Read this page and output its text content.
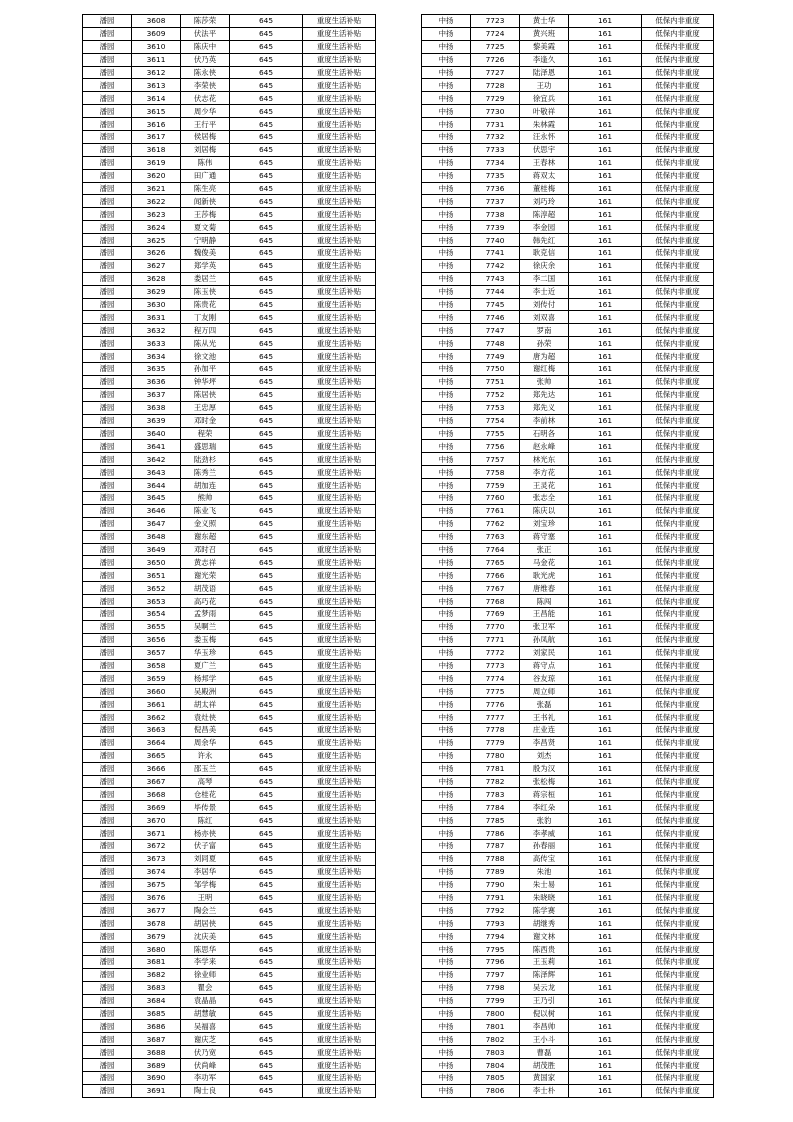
潘园	3608	陈莎荣	645	重度生活补贴
潘园	3609	伏法平	645	重度生活补贴
潘园	3610	陈庆中	645	重度生活补贴
潘园	3611	伏乃英	645	重度生活补贴
潘园	3612	陈永侠	645	重度生活补贴
潘园	3613	李荣侠	645	重度生活补贴
潘园	3614	伏志花	645	重度生活补贴
潘园	3615	周少华	645	重度生活补贴
潘园	3616	王行平	645	重度生活补贴
潘园	3617	侯居梅	645	重度生活补贴
潘园	3618	刘居梅	645	重度生活补贴
潘园	3619	陈伟	645	重度生活补贴
潘园	3620	田广通	645	重度生活补贴
潘园	3621	陈生亮	645	重度生活补贴
潘园	3622	闻新侠	645	重度生活补贴
潘园	3623	王莎梅	645	重度生活补贴
潘园	3624	夏文菊	645	重度生活补贴
潘园	3625	宁明静	645	重度生活补贴
潘园	3626	魏俊美	645	重度生活补贴
潘园	3627	郑学英	645	重度生活补贴
潘园	3628	娄居兰	645	重度生活补贴
潘园	3629	陈玉侠	645	重度生活补贴
潘园	3630	陈贵花	645	重度生活补贴
潘园	3631	丁友刚	645	重度生活补贴
潘园	3632	程万四	645	重度生活补贴
潘园	3633	陈从光	645	重度生活补贴
潘园	3634	徐文池	645	重度生活补贴
潘园	3635	孙加平	645	重度生活补贴
潘园	3636	钟华坪	645	重度生活补贴
潘园	3637	陈居侠	645	重度生活补贴
潘园	3638	王忠厚	645	重度生活补贴
潘园	3639	邓时金	645	重度生活补贴
潘园	3640	程荣	645	重度生活补贴
潘园	3641	盛思瑞	645	重度生活补贴
潘园	3642	陆劲杉	645	重度生活补贴
潘园	3643	陈秀兰	645	重度生活补贴
潘园	3644	胡加连	645	重度生活补贴
潘园	3645	熊帅	645	重度生活补贴
潘园	3646	陈业飞	645	重度生活补贴
潘园	3647	金义照	645	重度生活补贴
潘园	3648	谢东超	645	重度生活补贴
潘园	3649	邓时召	645	重度生活补贴
潘园	3650	黄志祥	645	重度生活补贴
潘园	3651	谢光荣	645	重度生活补贴
潘园	3652	胡茂语	645	重度生活补贴
潘园	3653	高巧花	645	重度生活补贴
潘园	3654	孟梦雨	645	重度生活补贴
潘园	3655	吴啊兰	645	重度生活补贴
潘园	3656	娄玉梅	645	重度生活补贴
潘园	3657	华玉珍	645	重度生活补贴
潘园	3658	夏广兰	645	重度生活补贴
潘园	3659	杨邦学	645	重度生活补贴
潘园	3660	吴殿洲	645	重度生活补贴
潘园	3661	胡太祥	645	重度生活补贴
潘园	3662	袁灶侠	645	重度生活补贴
潘园	3663	倪昌美	645	重度生活补贴
潘园	3664	周余华	645	重度生活补贴
潘园	3665	许永	645	重度生活补贴
潘园	3666	邵玉兰	645	重度生活补贴
潘园	3667	高琴	645	重度生活补贴
潘园	3668	仓桂花	645	重度生活补贴
潘园	3669	毕传景	645	重度生活补贴
潘园	3670	陈红	645	重度生活补贴
潘园	3671	杨亦侠	645	重度生活补贴
潘园	3672	伏子富	645	重度生活补贴
潘园	3673	刘同夏	645	重度生活补贴
潘园	3674	李居华	645	重度生活补贴
潘园	3675	邹学梅	645	重度生活补贴
潘园	3676	王明	645	重度生活补贴
潘园	3677	陶会兰	645	重度生活补贴
潘园	3678	胡居侠	645	重度生活补贴
潘园	3679	沈庆美	645	重度生活补贴
潘园	3680	陈思华	645	重度生活补贴
潘园	3681	李学来	645	重度生活补贴
潘园	3682	徐业师	645	重度生活补贴
潘园	3683	瞿会	645	重度生活补贴
潘园	3684	袁晶晶	645	重度生活补贴
潘园	3685	胡慧敏	645	重度生活补贴
潘园	3686	吴福喜	645	重度生活补贴
潘园	3687	谢庆芝	645	重度生活补贴
潘园	3688	伏乃宽	645	重度生活补贴
潘园	3689	伏尚峰	645	重度生活补贴
潘园	3690	李功军	645	重度生活补贴
潘园	3691	陶士良	645	重度生活补贴
中扬	7723	黄士华	161	低保内非重度
中扬	7724	黄兴班	161	低保内非重度
中扬	7725	黎美霞	161	低保内非重度
中扬	7726	李逢久	161	低保内非重度
中扬	7727	陆泽恩	161	低保内非重度
中扬	7728	王功	161	低保内非重度
中扬	7729	徐宜兵	161	低保内非重度
中扬	7730	叶敬祥	161	低保内非重度
中扬	7731	朱林霞	161	低保内非重度
中扬	7732	汪永怀	161	低保内非重度
中扬	7733	伏思宇	161	低保内非重度
中扬	7734	王春林	161	低保内非重度
中扬	7735	蒋双太	161	低保内非重度
中扬	7736	董桂梅	161	低保内非重度
中扬	7737	刘巧玲	161	低保内非重度
中扬	7738	陈淳超	161	低保内非重度
中扬	7739	李金园	161	低保内非重度
中扬	7740	韩先红	161	低保内非重度
中扬	7741	耿克信	161	低保内非重度
中扬	7742	徐庆余	161	低保内非重度
中扬	7743	李二国	161	低保内非重度
中扬	7744	李士近	161	低保内非重度
中扬	7745	刘传付	161	低保内非重度
中扬	7746	刘双喜	161	低保内非重度
中扬	7747	罗南	161	低保内非重度
中扬	7748	孙荣	161	低保内非重度
中扬	7749	唐为超	161	低保内非重度
中扬	7750	谢红梅	161	低保内非重度
中扬	7751	张帅	161	低保内非重度
中扬	7752	郑先达	161	低保内非重度
中扬	7753	郑先义	161	低保内非重度
中扬	7754	李前林	161	低保内非重度
中扬	7755	石明各	161	低保内非重度
中扬	7756	赵永峰	161	低保内非重度
中扬	7757	林光东	161	低保内非重度
中扬	7758	李方花	161	低保内非重度
中扬	7759	王灵花	161	低保内非重度
中扬	7760	张志全	161	低保内非重度
中扬	7761	陈庆以	161	低保内非重度
中扬	7762	刘宝珍	161	低保内非重度
中扬	7763	蒋守塞	161	低保内非重度
中扬	7764	张正	161	低保内非重度
中扬	7765	马金花	161	低保内非重度
中扬	7766	耿光虎	161	低保内非重度
中扬	7767	唐维春	161	低保内非重度
中扬	7768	陈闯	161	低保内非重度
中扬	7769	王昌能	161	低保内非重度
中扬	7770	张卫军	161	低保内非重度
中扬	7771	孙凤航	161	低保内非重度
中扬	7772	刘家民	161	低保内非重度
中扬	7773	蒋守点	161	低保内非重度
中扬	7774	谷友琼	161	低保内非重度
中扬	7775	周立师	161	低保内非重度
中扬	7776	张磊	161	低保内非重度
中扬	7777	王书礼	161	低保内非重度
中扬	7778	庄业连	161	低保内非重度
中扬	7779	李昌贤	161	低保内非重度
中扬	7780	刘杰	161	低保内非重度
中扬	7781	殷为汉	161	低保内非重度
中扬	7782	张松梅	161	低保内非重度
中扬	7783	蒋宗桓	161	低保内非重度
中扬	7784	李红朵	161	低保内非重度
中扬	7785	张豹	161	低保内非重度
中扬	7786	李孝威	161	低保内非重度
中扬	7787	孙春丽	161	低保内非重度
中扬	7788	高传宝	161	低保内非重度
中扬	7789	朱池	161	低保内非重度
中扬	7790	朱士易	161	低保内非重度
中扬	7791	朱晓晓	161	低保内非重度
中扬	7792	陈学赛	161	低保内非重度
中扬	7793	胡继秀	161	低保内非重度
中扬	7794	谢文林	161	低保内非重度
中扬	7795	陈西贵	161	低保内非重度
中扬	7796	王玉莉	161	低保内非重度
中扬	7797	陈泽辉	161	低保内非重度
中扬	7798	吴云龙	161	低保内非重度
中扬	7799	王乃引	161	低保内非重度
中扬	7800	倪以树	161	低保内非重度
中扬	7801	李昌帅	161	低保内非重度
中扬	7802	王小斗	161	低保内非重度
中扬	7803	曹磊	161	低保内非重度
中扬	7804	胡茂胜	161	低保内非重度
中扬	7805	黄国家	161	低保内非重度
中扬	7806	李士朴	161	低保内非重度
